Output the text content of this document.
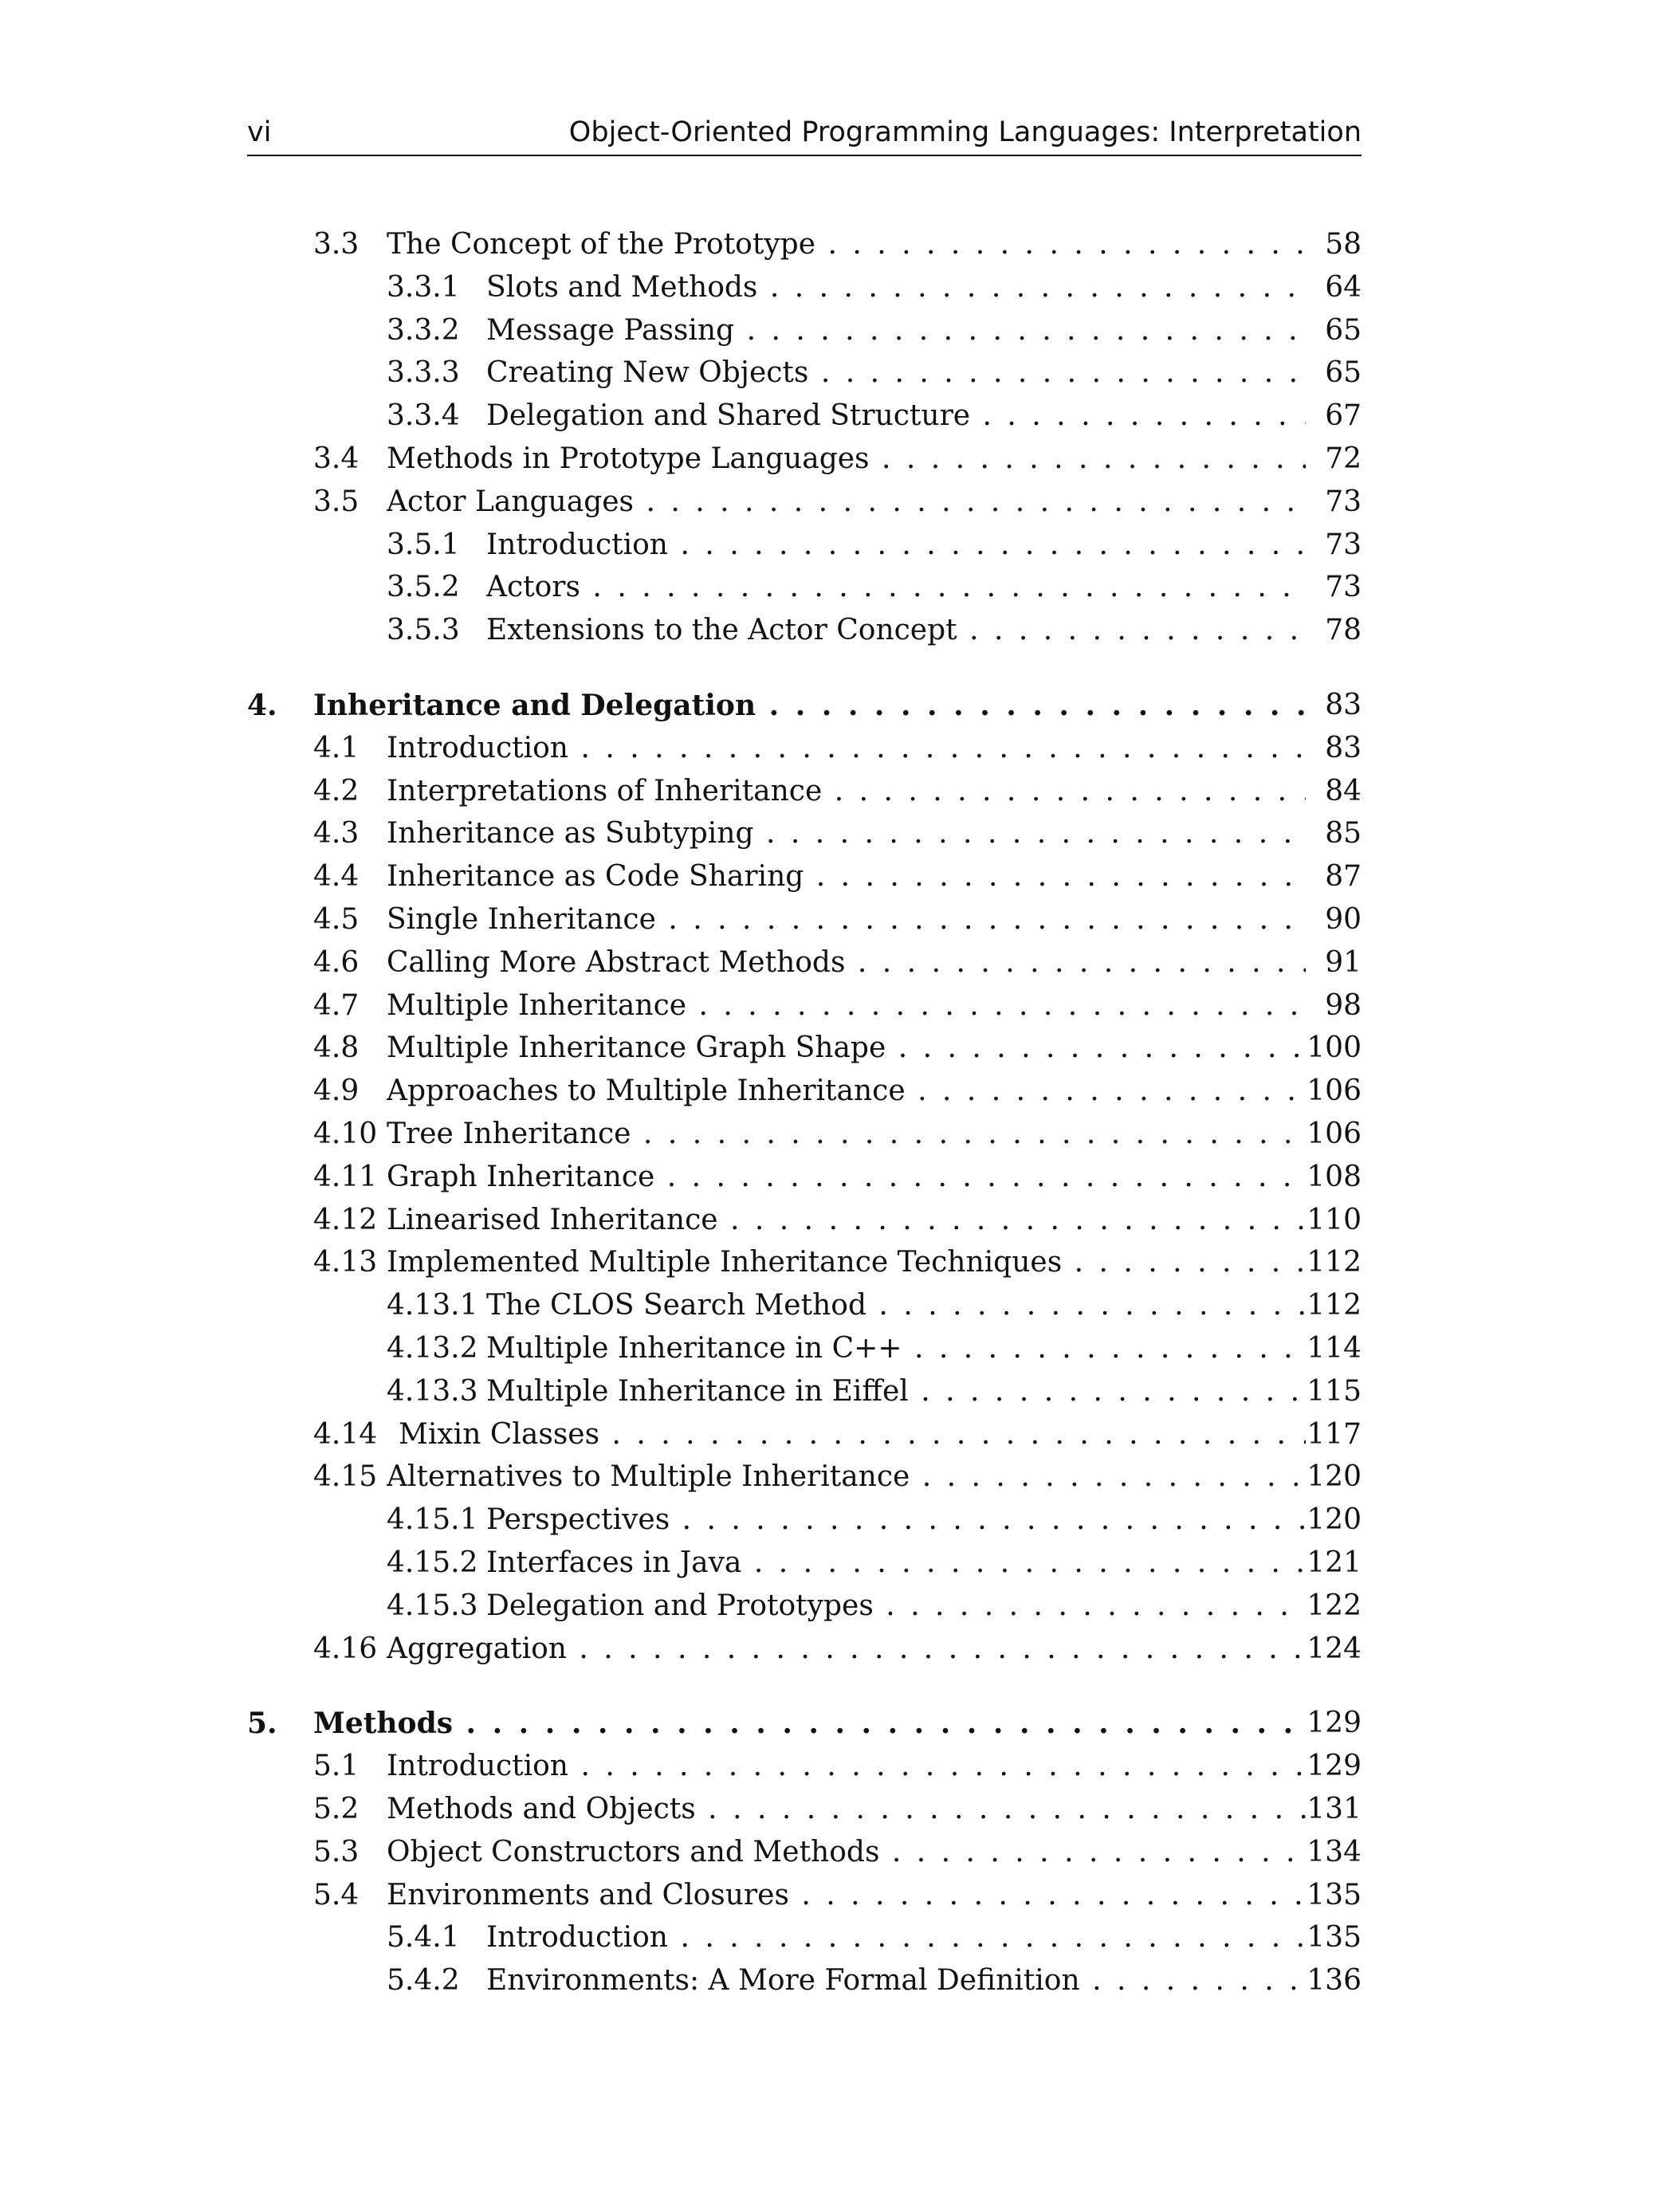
vi	Object-Oriented Programming Languages: Interpretation
3.3 The Concept of the Prototype . . .	58
3.3.1 Slots and Methods . . .	64
3.3.2 Message Passing . . .	65
3.3.3 Creating New Objects . . .	65
3.3.4 Delegation and Shared Structure . . .	67
3.4 Methods in Prototype Languages . . .	72
3.5 Actor Languages . . .	73
3.5.1 Introduction . . .	73
3.5.2 Actors . . .	73
3.5.3 Extensions to the Actor Concept . . .	78
4. Inheritance and Delegation . . .	83
4.1 Introduction . . .	83
4.2 Interpretations of Inheritance . . .	84
4.3 Inheritance as Subtyping . . .	85
4.4 Inheritance as Code Sharing . . .	87
4.5 Single Inheritance . . .	90
4.6 Calling More Abstract Methods . . .	91
4.7 Multiple Inheritance . . .	98
4.8 Multiple Inheritance Graph Shape . . .	100
4.9 Approaches to Multiple Inheritance . . .	106
4.10 Tree Inheritance . . .	106
4.11 Graph Inheritance . . .	108
4.12 Linearised Inheritance . . .	110
4.13 Implemented Multiple Inheritance Techniques . . .	112
4.13.1 The CLOS Search Method . . .	112
4.13.2 Multiple Inheritance in C++ . . .	114
4.13.3 Multiple Inheritance in Eiffel . . .	115
4.14 Mixin Classes . . .	117
4.15 Alternatives to Multiple Inheritance . . .	120
4.15.1 Perspectives . . .	120
4.15.2 Interfaces in Java . . .	121
4.15.3 Delegation and Prototypes . . .	122
4.16 Aggregation . . .	124
5. Methods . . .	129
5.1 Introduction . . .	129
5.2 Methods and Objects . . .	131
5.3 Object Constructors and Methods . . .	134
5.4 Environments and Closures . . .	135
5.4.1 Introduction . . .	135
5.4.2 Environments: A More Formal Definition . . .	136
